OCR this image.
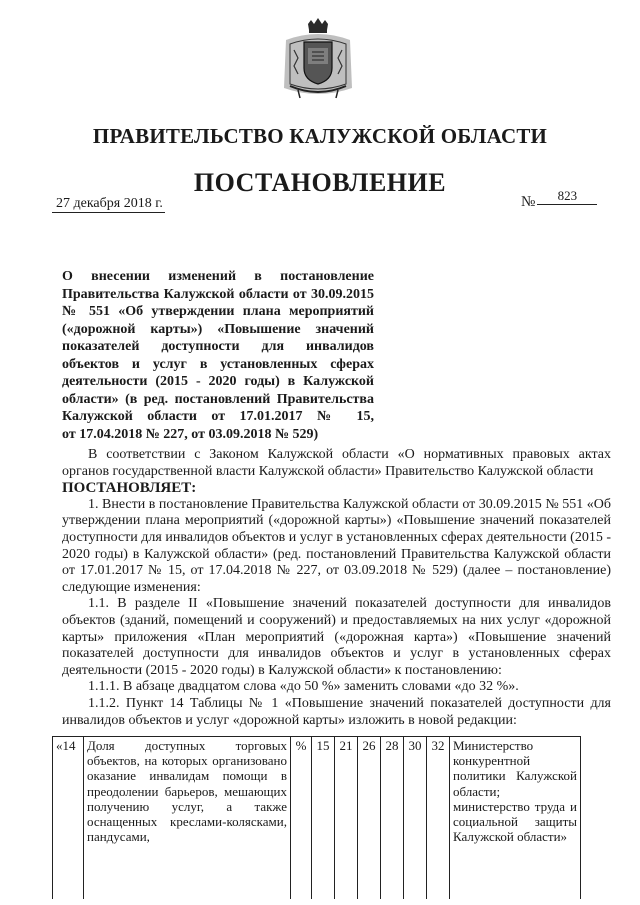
ПРАВИТЕЛЬСТВО КАЛУЖСКОЙ ОБЛАСТИ
ПОСТАНОВЛЕНИЕ
27 декабря 2018 г.	№ 823
О внесении изменений в постановление
Правительства Калужской области от 30.09.2015
№ 551 «Об утверждении плана мероприятий
(«дорожной карты») «Повышение значений
показателей доступности для инвалидов
объектов и услуг в установленных сферах
деятельности (2015 - 2020 годы) в Калужской
области» (в ред. постановлений Правительства
Калужской области от 17.01.2017 № 15,
от 17.04.2018 № 227, от 03.09.2018 № 529)

В соответствии с Законом Калужской области «О нормативных правовых актах органов государственной власти Калужской области» Правительство Калужской области

ПОСТАНОВЛЯЕТ:

1. Внести в постановление Правительства Калужской области от 30.09.2015 № 551 «Об утверждении плана мероприятий («дорожной карты») «Повышение значений показателей доступности для инвалидов объектов и услуг в установленных сферах деятельности (2015 - 2020 годы) в Калужской области» (ред. постановлений Правительства Калужской области от 17.01.2017 № 15, от 17.04.2018 № 227, от 03.09.2018 № 529) (далее – постановление) следующие изменения:

1.1. В разделе II «Повышение значений показателей доступности для инвалидов объектов (зданий, помещений и сооружений) и предоставляемых на них услуг «дорожной карты» приложения «План мероприятий («дорожная карта») «Повышение значений показателей доступности для инвалидов объектов и услуг в установленных сферах деятельности (2015 - 2020 годы) в Калужской области» к постановлению:

1.1.1. В абзаце двадцатом слова «до 50 %» заменить словами «до 32 %».

1.1.2. Пункт 14 Таблицы № 1 «Повышение значений показателей доступности для инвалидов объектов и услуг «дорожной карты» изложить в новой редакции:

«14	Доля доступных торговых объектов, на которых организовано оказание инвалидам помощи в преодолении барьеров, мешающих получению услуг, а также оснащенных креслами-колясками, пандусами,	%	15	21	26	28	30	32	Министерство конкурентной политики Калужской области; министерство труда и социальной защиты Калужской области»
